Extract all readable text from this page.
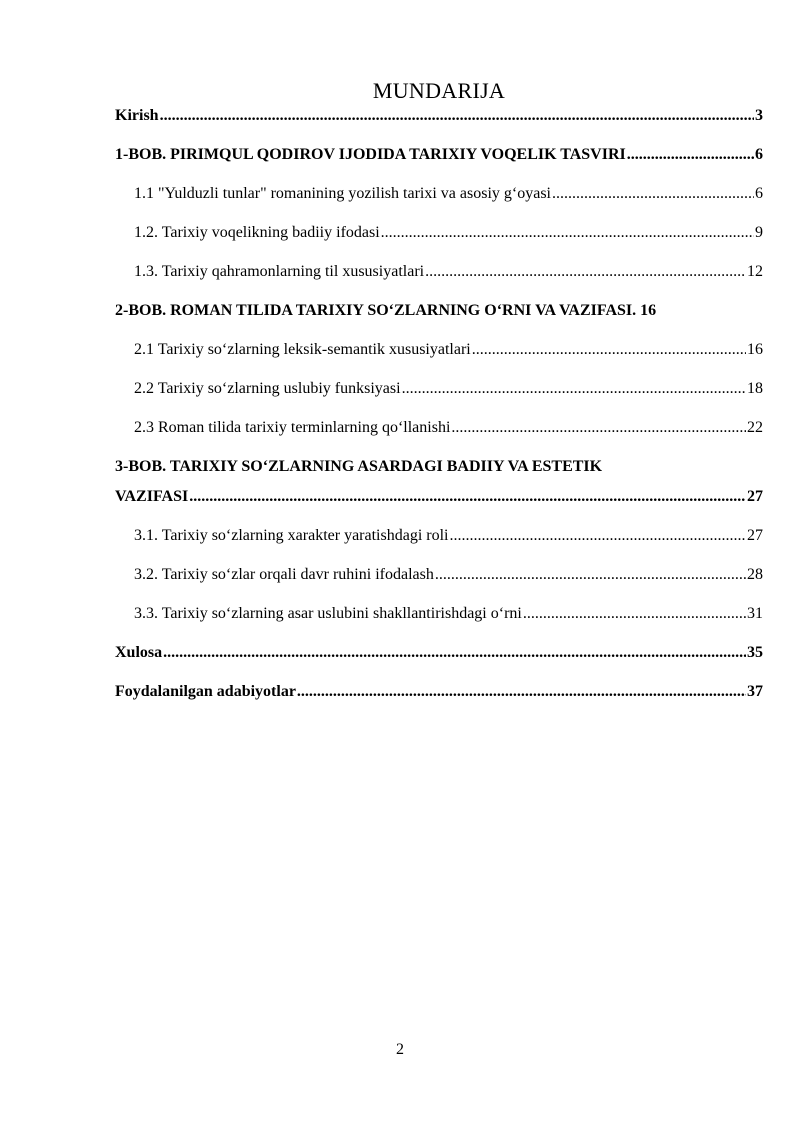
MUNDARIJA
Kirish .....	3
1-BOB. PIRIMQUL QODIROV IJODIDA TARIXIY VOQELIK TASVIRI .....	6
1.1 "Yulduzli tunlar" romanining yozilish tarixi va asosiy g‘oyasi .....	6
1.2. Tarixiy voqelikning badiiy ifodasi .....	9
1.3. Tarixiy qahramonlarning til xususiyatlari .....	12
2-BOB. ROMAN TILIDA TARIXIY SO‘ZLARNING O‘RNI VA VAZIFASI. 16
2.1 Tarixiy so‘zlarning leksik-semantik xususiyatlari .....	16
2.2 Tarixiy so‘zlarning uslubiy funksiyasi .....	18
2.3 Roman tilida tarixiy terminlarning qo‘llanishi .....	22
3-BOB. TARIXIY SO‘ZLARNING ASARDAGI BADIIY VA ESTETIK
VAZIFASI .....	27
3.1. Tarixiy so‘zlarning xarakter yaratishdagi roli .....	27
3.2. Tarixiy so‘zlar orqali davr ruhini ifodalash .....	28
3.3. Tarixiy so‘zlarning asar uslubini shakllantirishdagi o‘rni .....	31
Xulosa .....	35
Foydalanilgan adabiyotlar .....	37
2
